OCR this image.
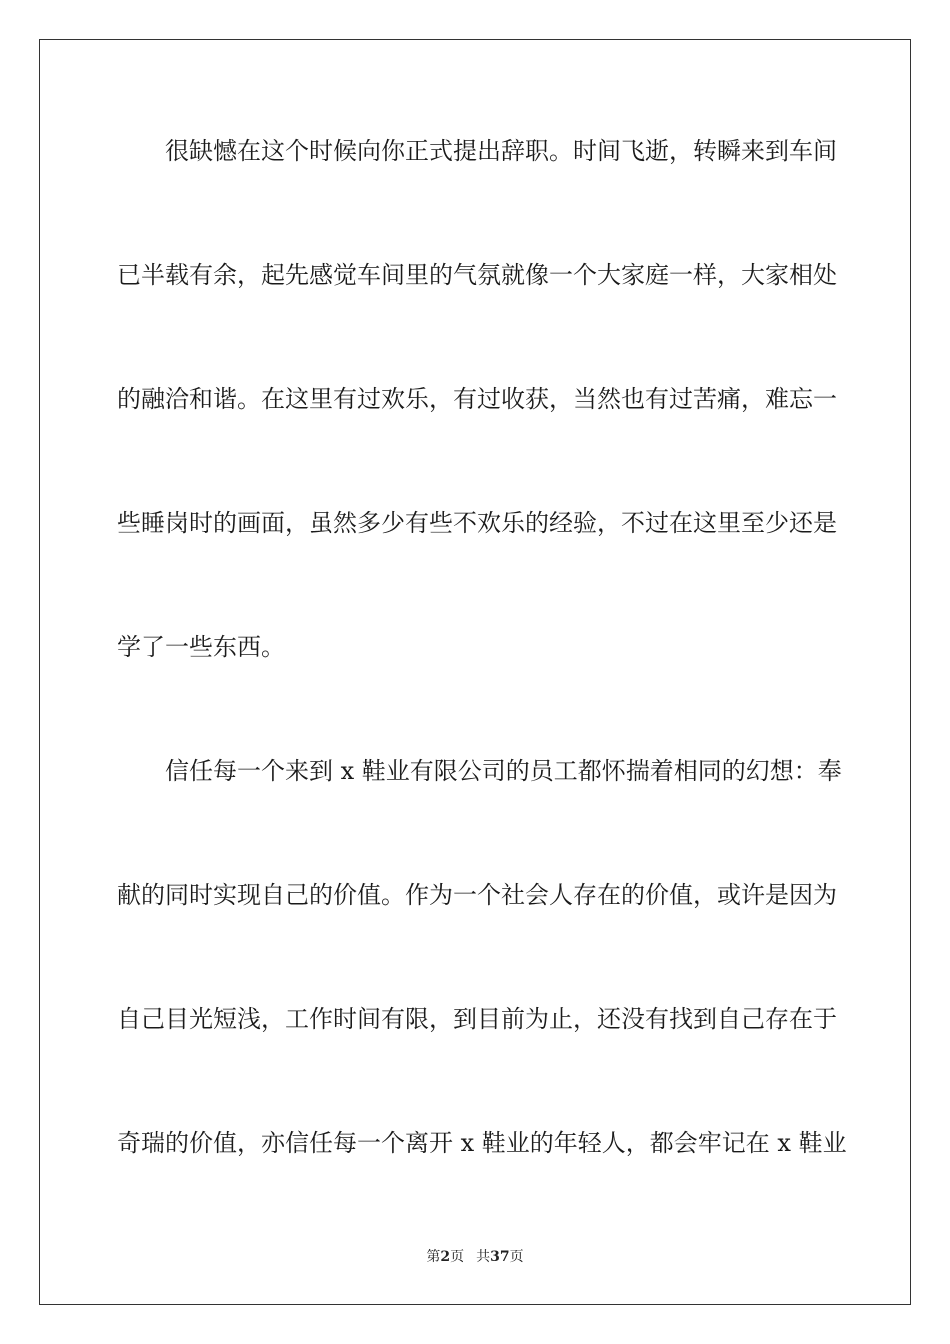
很缺憾在这个时候向你正式提出辞职。时间飞逝，转瞬来到车间
已半载有余，起先感觉车间里的气氛就像一个大家庭一样，大家相处
的融洽和谐。在这里有过欢乐，有过收获，当然也有过苦痛，难忘一
些睡岗时的画面，虽然多少有些不欢乐的经验，不过在这里至少还是
学了一些东西。
信任每一个来到 x 鞋业有限公司的员工都怀揣着相同的幻想：奉
献的同时实现自己的价值。作为一个社会人存在的价值，或许是因为
自己目光短浅，工作时间有限，到目前为止，还没有找到自己存在于
奇瑞的价值，亦信任每一个离开 x 鞋业的年轻人，都会牢记在 x 鞋业
第2页 共37页
